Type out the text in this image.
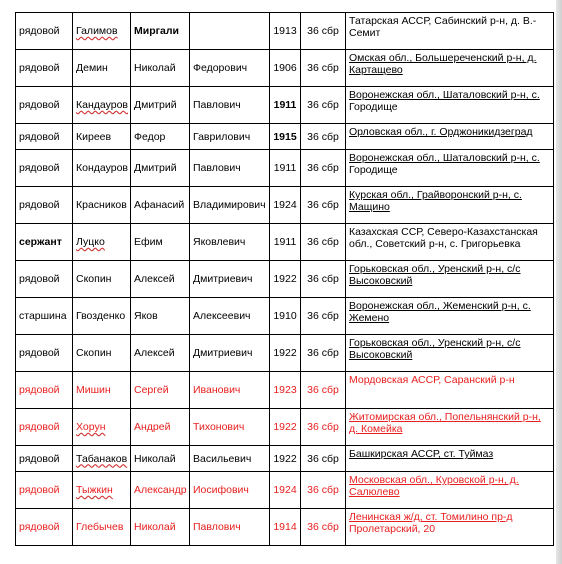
рядовой	Галимов	Миргали		1913	36 сбр	Татарская АССР, Сабинский р-н, д. В.-
Семит

рядовой	Демин	Николай	Федорович	1906	36 сбр	Омская обл., Большереченский р-н, д.
Картащево

рядовой	Кандауров	Дмитрий	Павлович	1911	36 сбр	Воронежская обл., Шаталовский р-н, с.
Городище

рядовой	Киреев	Федор	Гаврилович	1915	36 сбр	Орловская обл., г. Орджоникидзеград

рядовой	Кондауров	Дмитрий	Павлович	1911	36 сбр	Воронежская обл., Шаталовский р-н, с.
Городище

рядовой	Красников	Афанасий	Владимирович	1924	36 сбр	Курская обл., Грайворонский р-н, с.
Мащино

сержант	Луцко	Ефим	Яковлевич	1911	36 сбр	Казахская ССР, Северо-Казахстанская
обл., Советский р-н, с. Григорьевка

рядовой	Скопин	Алексей	Дмитриевич	1922	36 сбр	Горьковская обл., Уренский р-н, с/с
Высоковский

старшина	Гвозденко	Яков	Алексеевич	1910	36 сбр	Воронежская обл., Жеменский р-н, с.
Жемено

рядовой	Скопин	Алексей	Дмитриевич	1922	36 сбр	Горьковская обл., Уренский р-н, с/с
Высоковский

рядовой	Мишин	Сергей	Иванович	1923	36 сбр	Мордовская АССР, Саранский р-н

рядовой	Хорун	Андрей	Тихонович	1922	36 сбр	Житомирская обл., Попельнянский р-н,
д. Комейка

рядовой	Табанаков	Николай	Васильевич	1922	36 сбр	Башкирская АССР, ст. Туймаз

рядовой	Тыжкин	Александр	Иосифович	1924	36 сбр	Московская обл., Куровской р-н, д.
Салюлево

рядовой	Глебычев	Николай	Павлович	1914	36 сбр	Ленинская ж/д, ст. Томилино пр-д
Пролетарский, 20
